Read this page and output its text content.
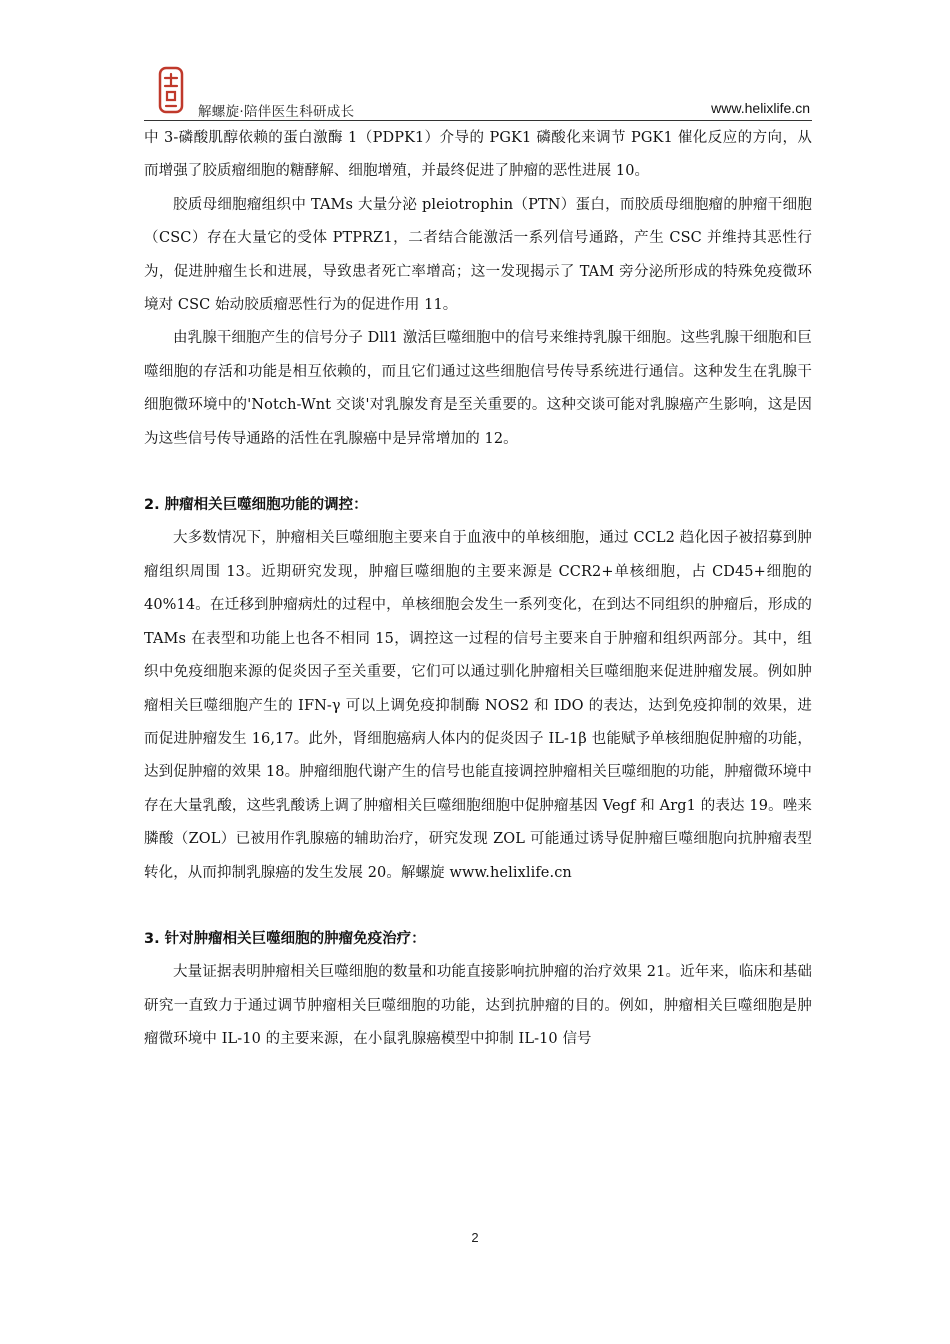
解螺旋·陪伴医生科研成长	www.helixlife.cn

中 3-磷酸肌醇依赖的蛋白激酶 1（PDPK1）介导的 PGK1 磷酸化来调节 PGK1 催化反应的方向，从而增强了胶质瘤细胞的糖酵解、细胞增殖，并最终促进了肿瘤的恶性进展 10。

胶质母细胞瘤组织中 TAMs 大量分泌 pleiotrophin（PTN）蛋白，而胶质母细胞瘤的肿瘤干细胞（CSC）存在大量它的受体 PTPRZ1，二者结合能激活一系列信号通路，产生 CSC 并维持其恶性行为，促进肿瘤生长和进展，导致患者死亡率增高；这一发现揭示了 TAM 旁分泌所形成的特殊免疫微环境对 CSC 始动胶质瘤恶性行为的促进作用 11。

由乳腺干细胞产生的信号分子 Dll1 激活巨噬细胞中的信号来维持乳腺干细胞。这些乳腺干细胞和巨噬细胞的存活和功能是相互依赖的，而且它们通过这些细胞信号传导系统进行通信。这种发生在乳腺干细胞微环境中的'Notch-Wnt 交谈'对乳腺发育是至关重要的。这种交谈可能对乳腺癌产生影响，这是因为这些信号传导通路的活性在乳腺癌中是异常增加的 12。

2. 肿瘤相关巨噬细胞功能的调控：

大多数情况下，肿瘤相关巨噬细胞主要来自于血液中的单核细胞，通过 CCL2 趋化因子被招募到肿瘤组织周围 13。近期研究发现，肿瘤巨噬细胞的主要来源是 CCR2+单核细胞，占 CD45+细胞的 40%14。在迁移到肿瘤病灶的过程中，单核细胞会发生一系列变化，在到达不同组织的肿瘤后，形成的 TAMs 在表型和功能上也各不相同 15，调控这一过程的信号主要来自于肿瘤和组织两部分。其中，组织中免疫细胞来源的促炎因子至关重要，它们可以通过驯化肿瘤相关巨噬细胞来促进肿瘤发展。例如肿瘤相关巨噬细胞产生的 IFN-γ 可以上调免疫抑制酶 NOS2 和 IDO 的表达，达到免疫抑制的效果，进而促进肿瘤发生 16,17。此外，肾细胞癌病人体内的促炎因子 IL-1β 也能赋予单核细胞促肿瘤的功能，达到促肿瘤的效果 18。肿瘤细胞代谢产生的信号也能直接调控肿瘤相关巨噬细胞的功能，肿瘤微环境中存在大量乳酸，这些乳酸诱上调了肿瘤相关巨噬细胞细胞中促肿瘤基因 Vegf 和 Arg1 的表达 19。唑来膦酸（ZOL）已被用作乳腺癌的辅助治疗，研究发现 ZOL 可能通过诱导促肿瘤巨噬细胞向抗肿瘤表型转化，从而抑制乳腺癌的发生发展 20。解螺旋 www.helixlife.cn

3. 针对肿瘤相关巨噬细胞的肿瘤免疫治疗：

大量证据表明肿瘤相关巨噬细胞的数量和功能直接影响抗肿瘤的治疗效果 21。近年来，临床和基础研究一直致力于通过调节肿瘤相关巨噬细胞的功能，达到抗肿瘤的目的。例如，肿瘤相关巨噬细胞是肿瘤微环境中 IL-10 的主要来源，在小鼠乳腺癌模型中抑制 IL-10 信号

2
